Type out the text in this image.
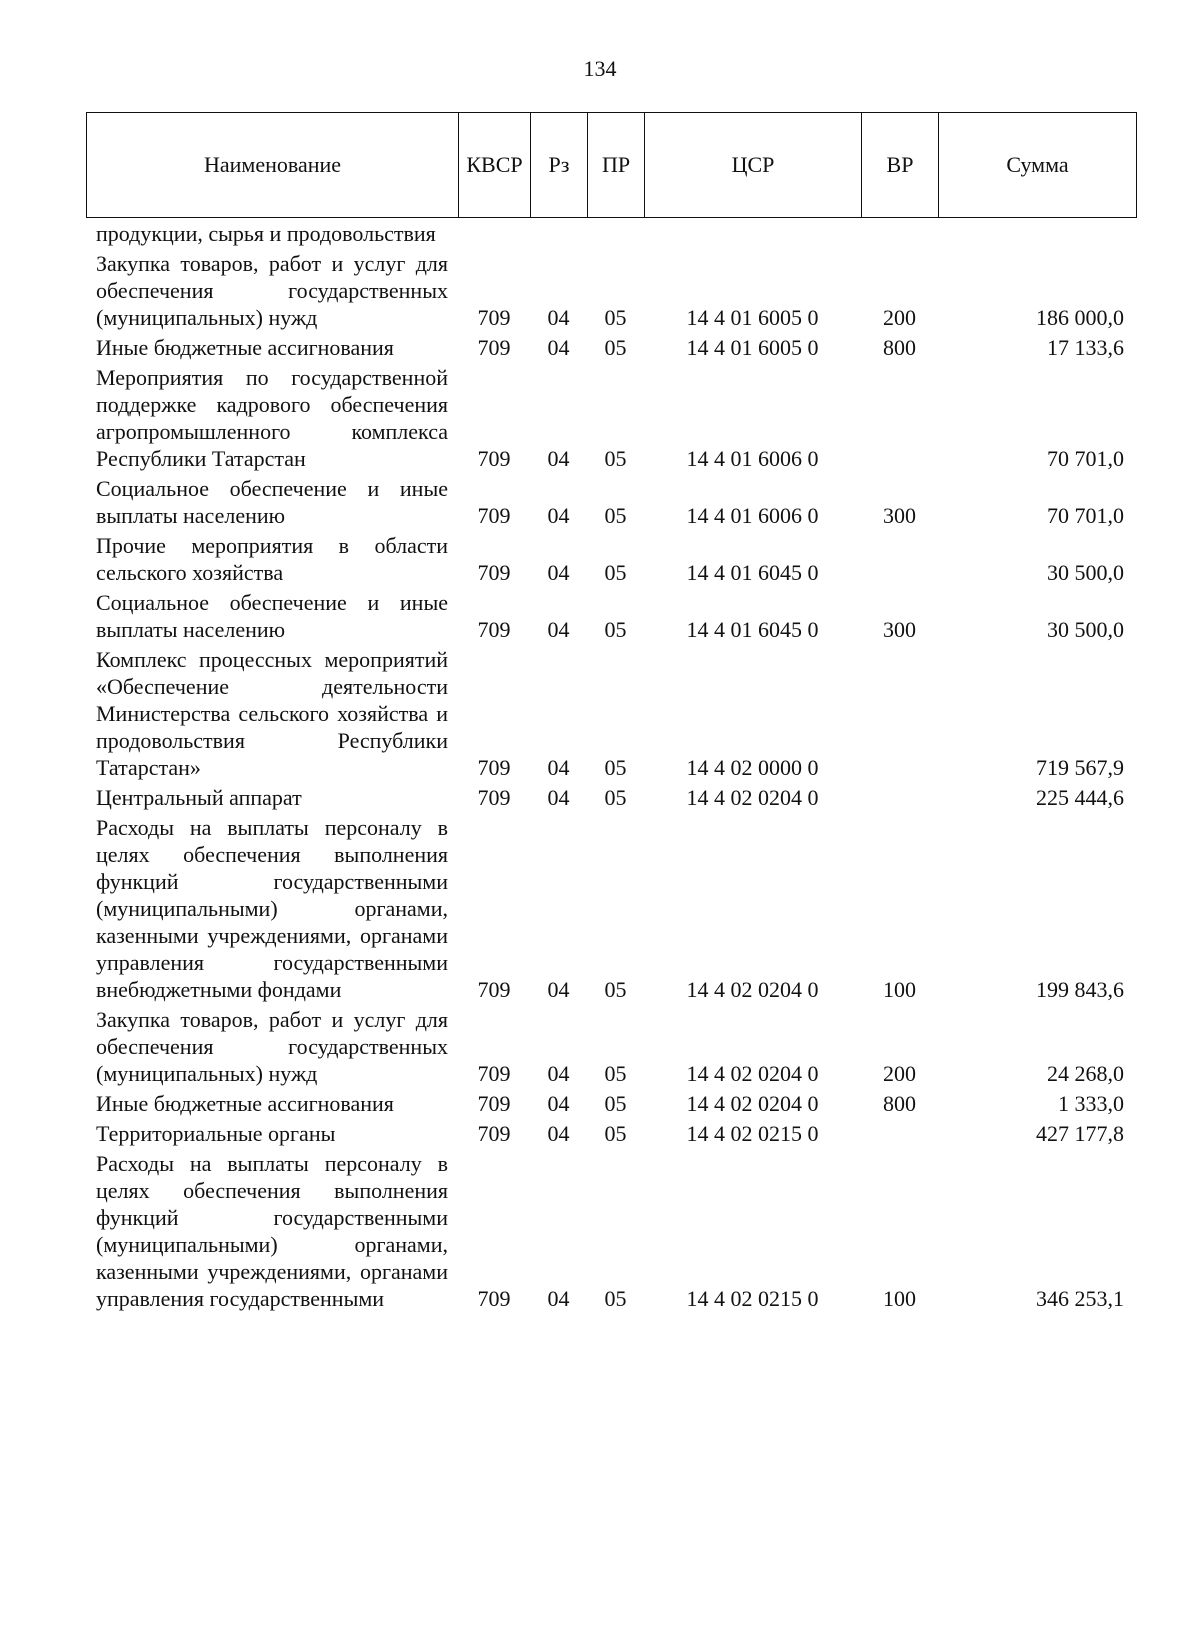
134
Наименование	КВСР	Рз	ПР	ЦСР	ВР	Сумма
продукции, сырья и продовольствия						
Закупка товаров, работ и услуг для обеспечения государственных (муниципальных) нужд	709	04	05	14 4 01 6005 0	200	186 000,0
Иные бюджетные ассигнования	709	04	05	14 4 01 6005 0	800	17 133,6
Мероприятия по государственной поддержке кадрового обеспечения агропромышленного комплекса Республики Татарстан	709	04	05	14 4 01 6006 0		70 701,0
Социальное обеспечение и иные выплаты населению	709	04	05	14 4 01 6006 0	300	70 701,0
Прочие мероприятия в области сельского хозяйства	709	04	05	14 4 01 6045 0		30 500,0
Социальное обеспечение и иные выплаты населению	709	04	05	14 4 01 6045 0	300	30 500,0
Комплекс процессных мероприятий «Обеспечение деятельности Министерства сельского хозяйства и продовольствия Республики Татарстан»	709	04	05	14 4 02 0000 0		719 567,9
Центральный аппарат	709	04	05	14 4 02 0204 0		225 444,6
Расходы на выплаты персоналу в целях обеспечения выполнения функций государственными (муниципальными) органами, казенными учреждениями, органами управления государственными внебюджетными фондами	709	04	05	14 4 02 0204 0	100	199 843,6
Закупка товаров, работ и услуг для обеспечения государственных (муниципальных) нужд	709	04	05	14 4 02 0204 0	200	24 268,0
Иные бюджетные ассигнования	709	04	05	14 4 02 0204 0	800	1 333,0
Территориальные органы	709	04	05	14 4 02 0215 0		427 177,8
Расходы на выплаты персоналу в целях обеспечения выполнения функций государственными (муниципальными) органами, казенными учреждениями, органами управления государственными	709	04	05	14 4 02 0215 0	100	346 253,1
